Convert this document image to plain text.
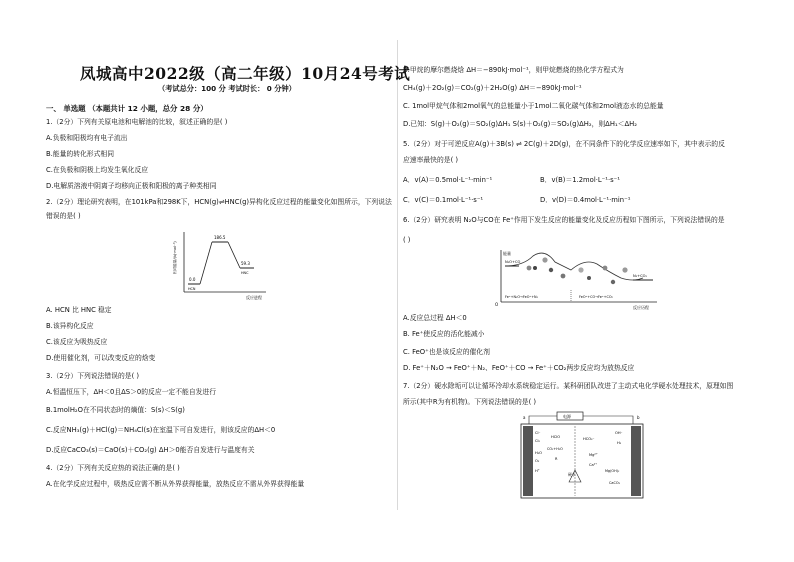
凤城高中2022级（高二年级）10月24号考试
（考试总分：100 分 考试时长： 0 分钟）
一、 单选题 （本题共计 12 小题，总分 28 分）
1.（2分）下列有关原电池和电解池的比较，叙述正确的是( )
A.负极和阳极均有电子流出
B.能量的转化形式相同
C.在负极和阴极上均发生氧化反应
D.电解质溶液中阴离子均移向正极和阳极的离子种类相同
2.（2分）理论研究表明，在101kPa和298K下，HCN(g)⇌HNC(g)异构化反应过程的能量变化如图所示，下列说法
错误的是( )
相对能量/(kJ·mol⁻¹)
186.5
59.3
0.0
HCN
HNC
反应进程
A. HCN 比 HNC 稳定
B.该异构化反应
C.该反应为吸热反应
D.使用催化剂，可以改变反应的焓变
3.（2分）下列说法错误的是( )
A.恒温恒压下，ΔH＜0且ΔS＞0的反应一定不能自发进行
B.1molH₂O在不同状态时的熵值：S(s)＜S(g)
C.反应NH₃(g)＋HCl(g)＝NH₄Cl(s)在室温下可自发进行，则该反应的ΔH＜0
D.反应CaCO₃(s)＝CaO(s)＋CO₂(g) ΔH＞0能否自发进行与温度有关
4.（2分）下列有关反应热的说法正确的是( )
A.在化学反应过程中，吸热反应需不断从外界获得能量，放热反应不需从外界获得能量
B.甲烷的摩尔燃烧焓 ΔH＝−890kJ·mol⁻¹，则甲烷燃烧的热化学方程式为
CH₄(g)＋2O₂(g)＝CO₂(g)＋2H₂O(g) ΔH＝−890kJ·mol⁻¹
C. 1mol甲烷气体和2mol氧气的总能量小于1mol二氧化碳气体和2mol液态水的总能量
D.已知：S(g)＋O₂(g)＝SO₂(g)ΔH₁ S(s)＋O₂(g)＝SO₂(g)ΔH₂，则ΔH₁＜ΔH₂
5.（2分）对于可逆反应A(g)＋3B(s) ⇌ 2C(g)＋2D(g)，在不同条件下的化学反应速率如下，其中表示的反
应速率最快的是( )
A．v(A)＝0.5mol·L⁻¹·min⁻¹	B．v(B)＝1.2mol·L⁻¹·s⁻¹
C．v(C)＝0.1mol·L⁻¹·s⁻¹	D．v(D)＝0.4mol·L⁻¹·min⁻¹
6.（2分）研究表明 N₂O与CO在 Fe⁺作用下发生反应的能量变化及反应历程如下图所示，下列说法错误的是
( )
能量
O
反应历程
N₂O+CO
N₂+CO₂
Fe⁺+N₂O→FeO⁺+N₂	FeO⁺+CO→Fe⁺+CO₂
A.反应总过程 ΔH＜0
B. Fe⁺使反应的活化能减小
C. FeO⁺也是该反应的催化剂
D. Fe⁺＋N₂O → FeO⁺＋N₂、FeO⁺＋CO → Fe⁺＋CO₂两步反应均为放热反应
7.（2分）硬水除垢可以让循环冷却水系统稳定运行。某科研团队改进了主动式电化学硬水处理技术，原理如图
所示(其中R为有机物)。下列说法错误的是( )
电源
a	b
Cl⁻
Cl₂
H₂O
O₂
H⁺
HClO
CO₂+H₂O
R
硬水
HCO₃⁻
OH⁻
H₂
Mg²⁺
Ca²⁺
Mg(OH)₂
CaCO₃
